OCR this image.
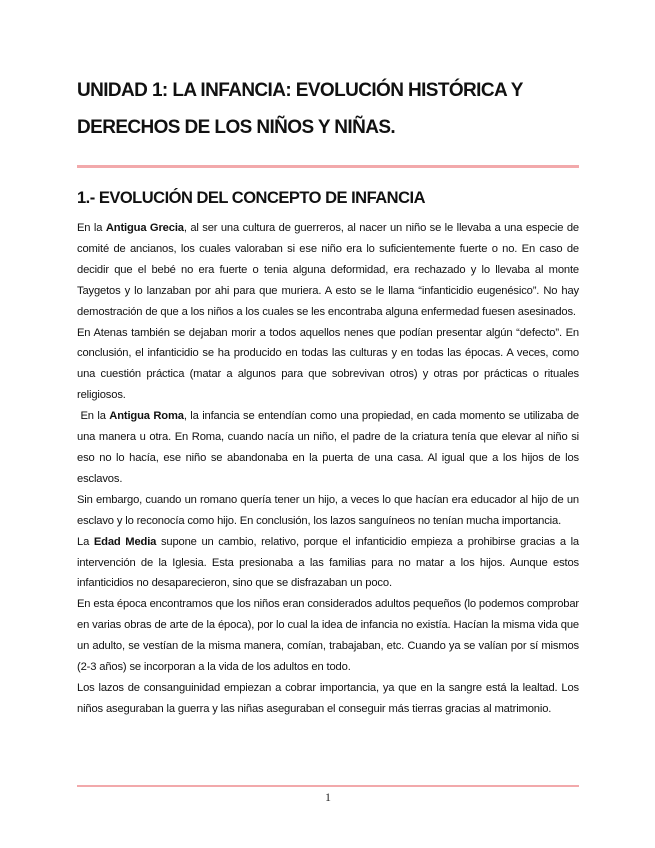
UNIDAD 1: LA INFANCIA: EVOLUCIÓN HISTÓRICA Y
DERECHOS DE LOS NIÑOS Y NIÑAS.
1.- EVOLUCIÓN DEL CONCEPTO DE INFANCIA

En la Antigua Grecia, al ser una cultura de guerreros, al nacer un niño se le llevaba a una especie de comité de ancianos, los cuales valoraban si ese niño era lo suficientemente fuerte o no. En caso de decidir que el bebé no era fuerte o tenia alguna deformidad, era rechazado y lo llevaba al monte Taygetos y lo lanzaban por ahi para que muriera. A esto se le llama “infanticidio eugenésico”. No hay demostración de que a los niños a los cuales se les encontraba alguna enfermedad fuesen asesinados.

En Atenas también se dejaban morir a todos aquellos nenes que podían presentar algún “defecto”. En conclusión, el infanticidio se ha producido en todas las culturas y en todas las épocas. A veces, como una cuestión práctica (matar a algunos para que sobrevivan otros) y otras por prácticas o rituales religiosos.

En la Antigua Roma, la infancia se entendían como una propiedad, en cada momento se utilizaba de una manera u otra. En Roma, cuando nacía un niño, el padre de la criatura tenía que elevar al niño si eso no lo hacía, ese niño se abandonaba en la puerta de una casa. Al igual que a los hijos de los esclavos.

Sin embargo, cuando un romano quería tener un hijo, a veces lo que hacían era educador al hijo de un esclavo y lo reconocía como hijo. En conclusión, los lazos sanguíneos no tenían mucha importancia.

La Edad Media supone un cambio, relativo, porque el infanticidio empieza a prohibirse gracias a la intervención de la Iglesia. Esta presionaba a las familias para no matar a los hijos. Aunque estos infanticidios no desaparecieron, sino que se disfrazaban un poco.

En esta época encontramos que los niños eran considerados adultos pequeños (lo podemos comprobar en varias obras de arte de la época), por lo cual la idea de infancia no existía. Hacían la misma vida que un adulto, se vestían de la misma manera, comían, trabajaban, etc. Cuando ya se valían por sí mismos (2-3 años) se incorporan a la vida de los adultos en todo.

Los lazos de consanguinidad empiezan a cobrar importancia, ya que en la sangre está la lealtad. Los niños aseguraban la guerra y las niñas aseguraban el conseguir más tierras gracias al matrimonio.

1
